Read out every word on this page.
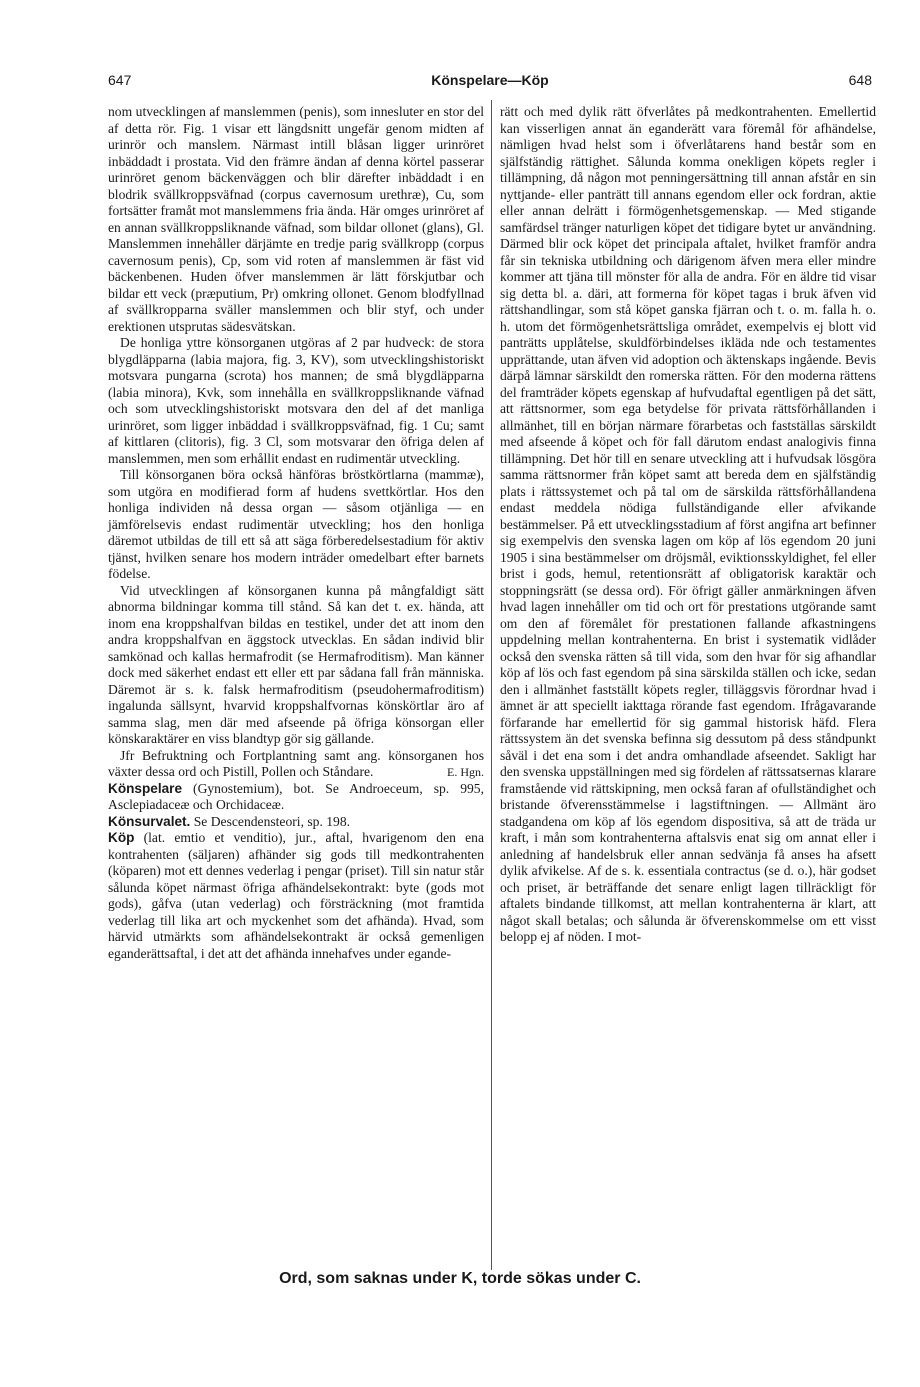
647	Könspelare—Köp	648

nom utvecklingen af manslemmen (penis), som innesluter en stor del af detta rör. Fig. 1 visar ett längdsnitt ungefär genom midten af urinrör och manslem. Närmast intill blåsan ligger urinröret inbäddadt i prostata. Vid den främre ändan af denna körtel passerar urinröret genom bäckenväggen och blir därefter inbäddadt i en blodrik svällkroppsväfnad (corpus cavernosum urethræ), Cu, som fortsätter framåt mot manslemmens fria ända. Här omges urinröret af en annan svällkroppsliknande väfnad, som bildar ollonet (glans), Gl. Manslemmen innehåller därjämte en tredje parig svällkropp (corpus cavernosum penis), Cp, som vid roten af manslemmen är fäst vid bäckenbenen. Huden öfver manslemmen är lätt förskjutbar och bildar ett veck (præputium, Pr) omkring ollonet. Genom blodfyllnad af svällkropparna sväller manslemmen och blir styf, och under erektionen utsprutas sädesvätskan.

De honliga yttre könsorganen utgöras af 2 par hudveck: de stora blygdläpparna (labia majora, fig. 3, KV), som utvecklingshistoriskt motsvara pungarna (scrota) hos mannen; de små blygdläpparna (labia minora), Kvk, som innehålla en svällkroppsliknande väfnad och som utvecklingshistoriskt motsvara den del af det manliga urinröret, som ligger inbäddad i svällkroppsväfnad, fig. 1 Cu; samt af kittlaren (clitoris), fig. 3 Cl, som motsvarar den öfriga delen af manslemmen, men som erhållit endast en rudimentär utveckling.

Till könsorganen böra också hänföras bröstkörtlarna (mammæ), som utgöra en modifierad form af hudens svettkörtlar. Hos den honliga individen nå dessa organ — såsom otjänliga — en jämförelsevis endast rudimentär utveckling; hos den honliga däremot utbildas de till ett så att säga förberedelsestadium för aktiv tjänst, hvilken senare hos modern inträder omedelbart efter barnets födelse.

Vid utvecklingen af könsorganen kunna på mångfaldigt sätt abnorma bildningar komma till stånd. Så kan det t. ex. hända, att inom ena kroppshalfvan bildas en testikel, under det att inom den andra kroppshalfvan en äggstock utvecklas. En sådan individ blir samkönad och kallas hermafrodit (se Hermafroditism). Man känner dock med säkerhet endast ett eller ett par sådana fall från människa. Däremot är s. k. falsk hermafroditism (pseudohermafroditism) ingalunda sällsynt, hvarvid kroppshalfvornas könskörtlar äro af samma slag, men där med afseende på öfriga könsorgan eller könskaraktärer en viss blandtyp gör sig gällande.

Jfr Befruktning och Fortplantning samt ang. könsorganen hos växter dessa ord och Pistill, Pollen och Ståndare.	E. Hgn.

Könspelare (Gynostemium), bot. Se Androeceum, sp. 995, Asclepiadaceæ och Orchidaceæ.

Könsurvalet. Se Descendensteori, sp. 198.

Köp (lat. emtio et venditio), jur., aftal, hvarigenom den ena kontrahenten (säljaren) afhänder sig gods till medkontrahenten (köparen) mot ett dennes vederlag i pengar (priset). Till sin natur står sålunda köpet närmast öfriga afhändelsekontrakt: byte (gods mot gods), gåfva (utan vederlag) och försträckning (mot framtida vederlag till lika art och myckenhet som det afhända). Hvad, som härvid utmärkts som afhändelsekontrakt är också gemenligen eganderättsaftal, i det att det afhända innehafves under egande-

rätt och med dylik rätt öfverlåtes på medkontrahenten. Emellertid kan visserligen annat än eganderätt vara föremål för afhändelse, nämligen hvad helst som i öfverlåtarens hand består som en själfständig rättighet. Sålunda komma onekligen köpets regler i tillämpning, då någon mot penningersättning till annan afstår en sin nyttjande- eller panträtt till annans egendom eller ock fordran, aktie eller annan delrätt i förmögenhetsgemenskap. — Med stigande samfärdsel tränger naturligen köpet det tidigare bytet ur användning. Därmed blir ock köpet det principala aftalet, hvilket framför andra får sin tekniska utbildning och därigenom äfven mera eller mindre kommer att tjäna till mönster för alla de andra. För en äldre tid visar sig detta bl. a. däri, att formerna för köpet tagas i bruk äfven vid rättshandlingar, som stå köpet ganska fjärran och t. o. m. falla h. o. h. utom det förmögenhetsrättsliga området, exempelvis ej blott vid panträtts upplåtelse, skuldförbindelses ikläda nde och testamentes upprättande, utan äfven vid adoption och äktenskaps ingående. Bevis därpå lämnar särskildt den romerska rätten. För den moderna rättens del framträder köpets egenskap af hufvudaftal egentligen på det sätt, att rättsnormer, som ega betydelse för privata rättsförhållanden i allmänhet, till en början närmare förarbetas och fastställas särskildt med afseende å köpet och för fall därutom endast analogivis finna tillämpning. Det hör till en senare utveckling att i hufvudsak lösgöra samma rättsnormer från köpet samt att bereda dem en själfständig plats i rättssystemet och på tal om de särskilda rättsförhållandena endast meddela nödiga fullständigande eller afvikande bestämmelser. På ett utvecklingsstadium af först angifna art befinner sig exempelvis den svenska lagen om köp af lös egendom 20 juni 1905 i sina bestämmelser om dröjsmål, eviktionsskyldighet, fel eller brist i gods, hemul, retentionsrätt af obligatorisk karaktär och stoppningsrätt (se dessa ord). För öfrigt gäller anmärkningen äfven hvad lagen innehåller om tid och ort för prestations utgörande samt om den af föremålet för prestationen fallande afkastningens uppdelning mellan kontrahenterna. En brist i systematik vidlåder också den svenska rätten så till vida, som den hvar för sig afhandlar köp af lös och fast egendom på sina särskilda ställen och icke, sedan den i allmänhet fastställt köpets regler, tilläggsvis förordnar hvad i ämnet är att speciellt iakttaga rörande fast egendom. Ifrågavarande förfarande har emellertid för sig gammal historisk häfd. Flera rättssystem än det svenska befinna sig dessutom på dess ståndpunkt såväl i det ena som i det andra omhandlade afseendet. Sakligt har den svenska uppställningen med sig fördelen af rättssatsernas klarare framstående vid rättskipning, men också faran af ofullständighet och bristande öfverensstämmelse i lagstiftningen. — Allmänt äro stadgandena om köp af lös egendom dispositiva, så att de träda ur kraft, i mån som kontrahenterna aftalsvis enat sig om annat eller i anledning af handelsbruk eller annan sedvänja få anses ha afsett dylik afvikelse. Af de s. k. essentiala contractus (se d. o.), här godset och priset, är beträffande det senare enligt lagen tillräckligt för aftalets bindande tillkomst, att mellan kontrahenterna är klart, att något skall betalas; och sålunda är öfverenskommelse om ett visst belopp ej af nöden. I mot-

Ord, som saknas under K, torde sökas under C.
